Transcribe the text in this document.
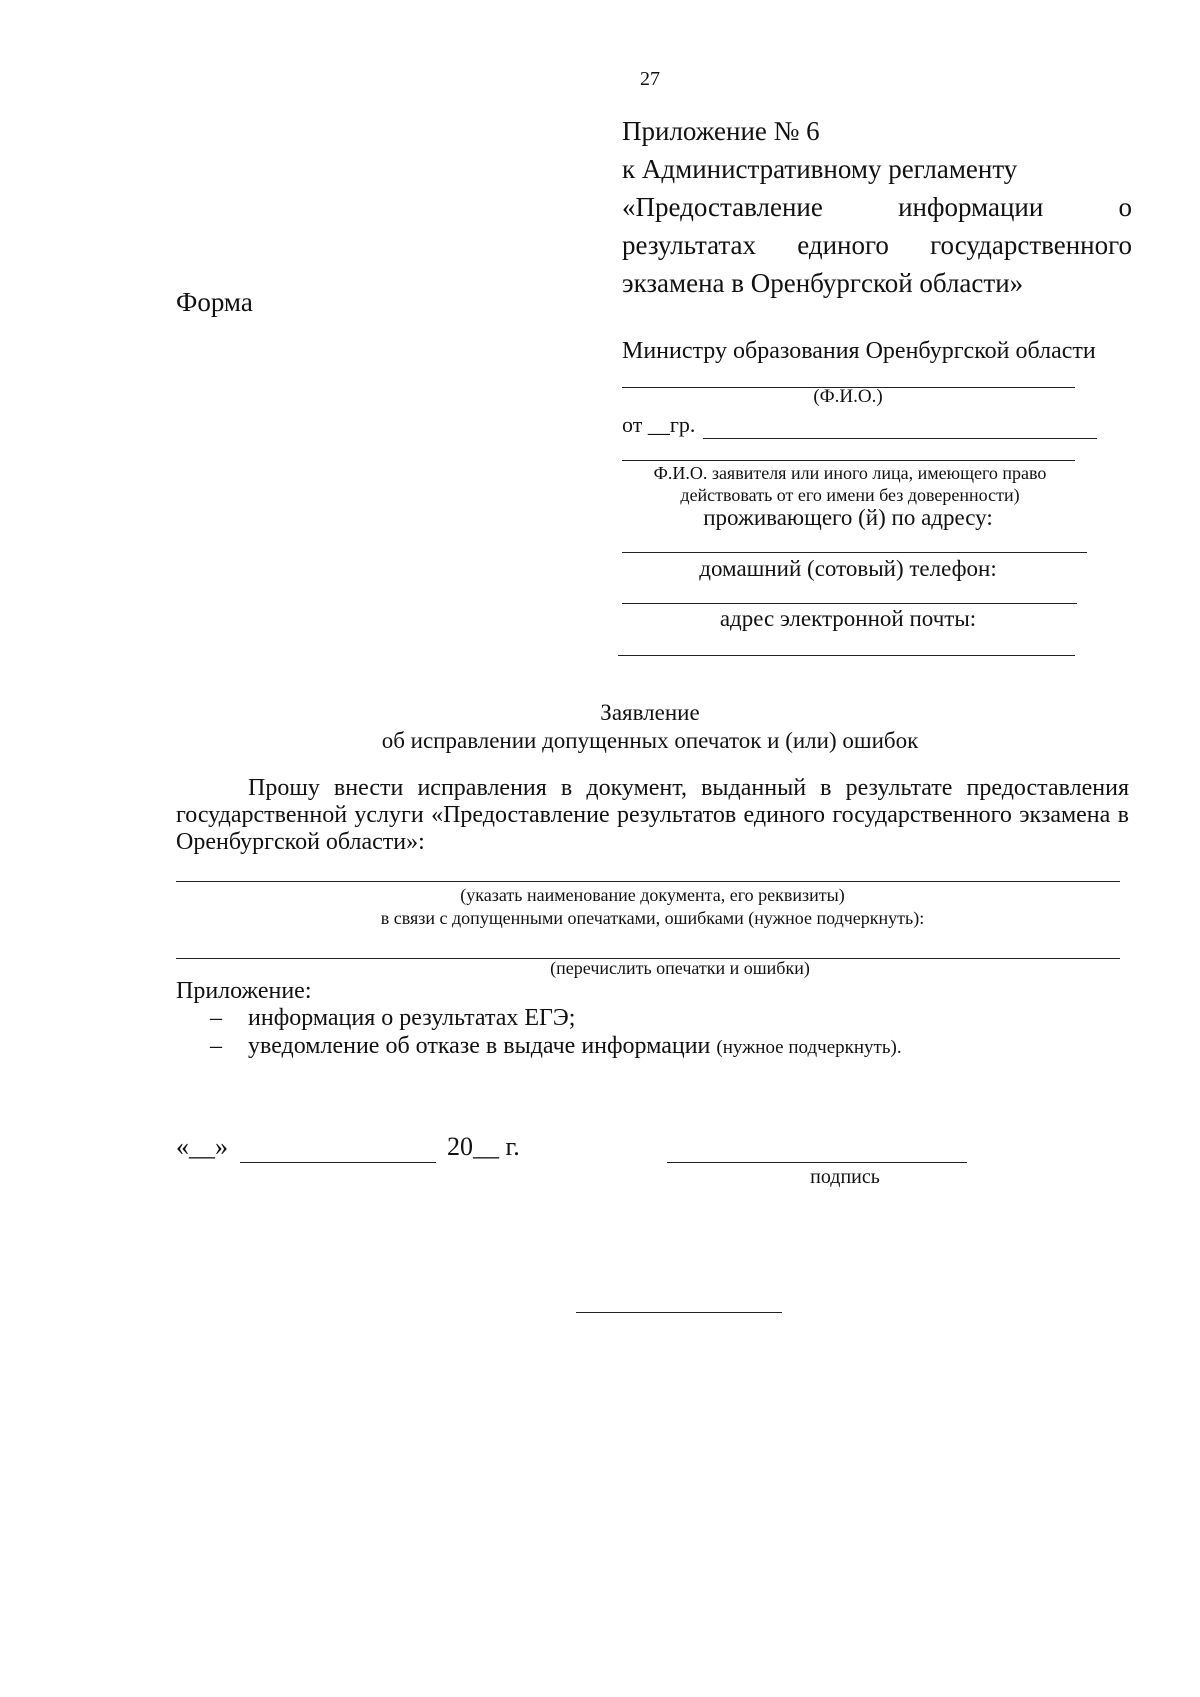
27
Приложение № 6
к Административному регламенту
«Предоставление информации о
результатах единого государственного
экзамена в Оренбургской области»
Форма
Министру образования Оренбургской области
(Ф.И.О.)
от __гр.
Ф.И.О. заявителя или иного лица, имеющего право
действовать от его имени без доверенности)
проживающего (й) по адресу:
домашний (сотовый) телефон:
адрес электронной почты:
Заявление
об исправлении допущенных опечаток и (или) ошибок
Прошу внести исправления в документ, выданный в результате предоставления государственной услуги «Предоставление результатов единого государственного экзамена в Оренбургской области»:
(указать наименование документа, его реквизиты)
в связи с допущенными опечатками, ошибками (нужное подчеркнуть):
(перечислить опечатки и ошибки)
Приложение:
– информация о результатах ЕГЭ;
– уведомление об отказе в выдаче информации (нужное подчеркнуть).
«__»	20__ г.
подпись
